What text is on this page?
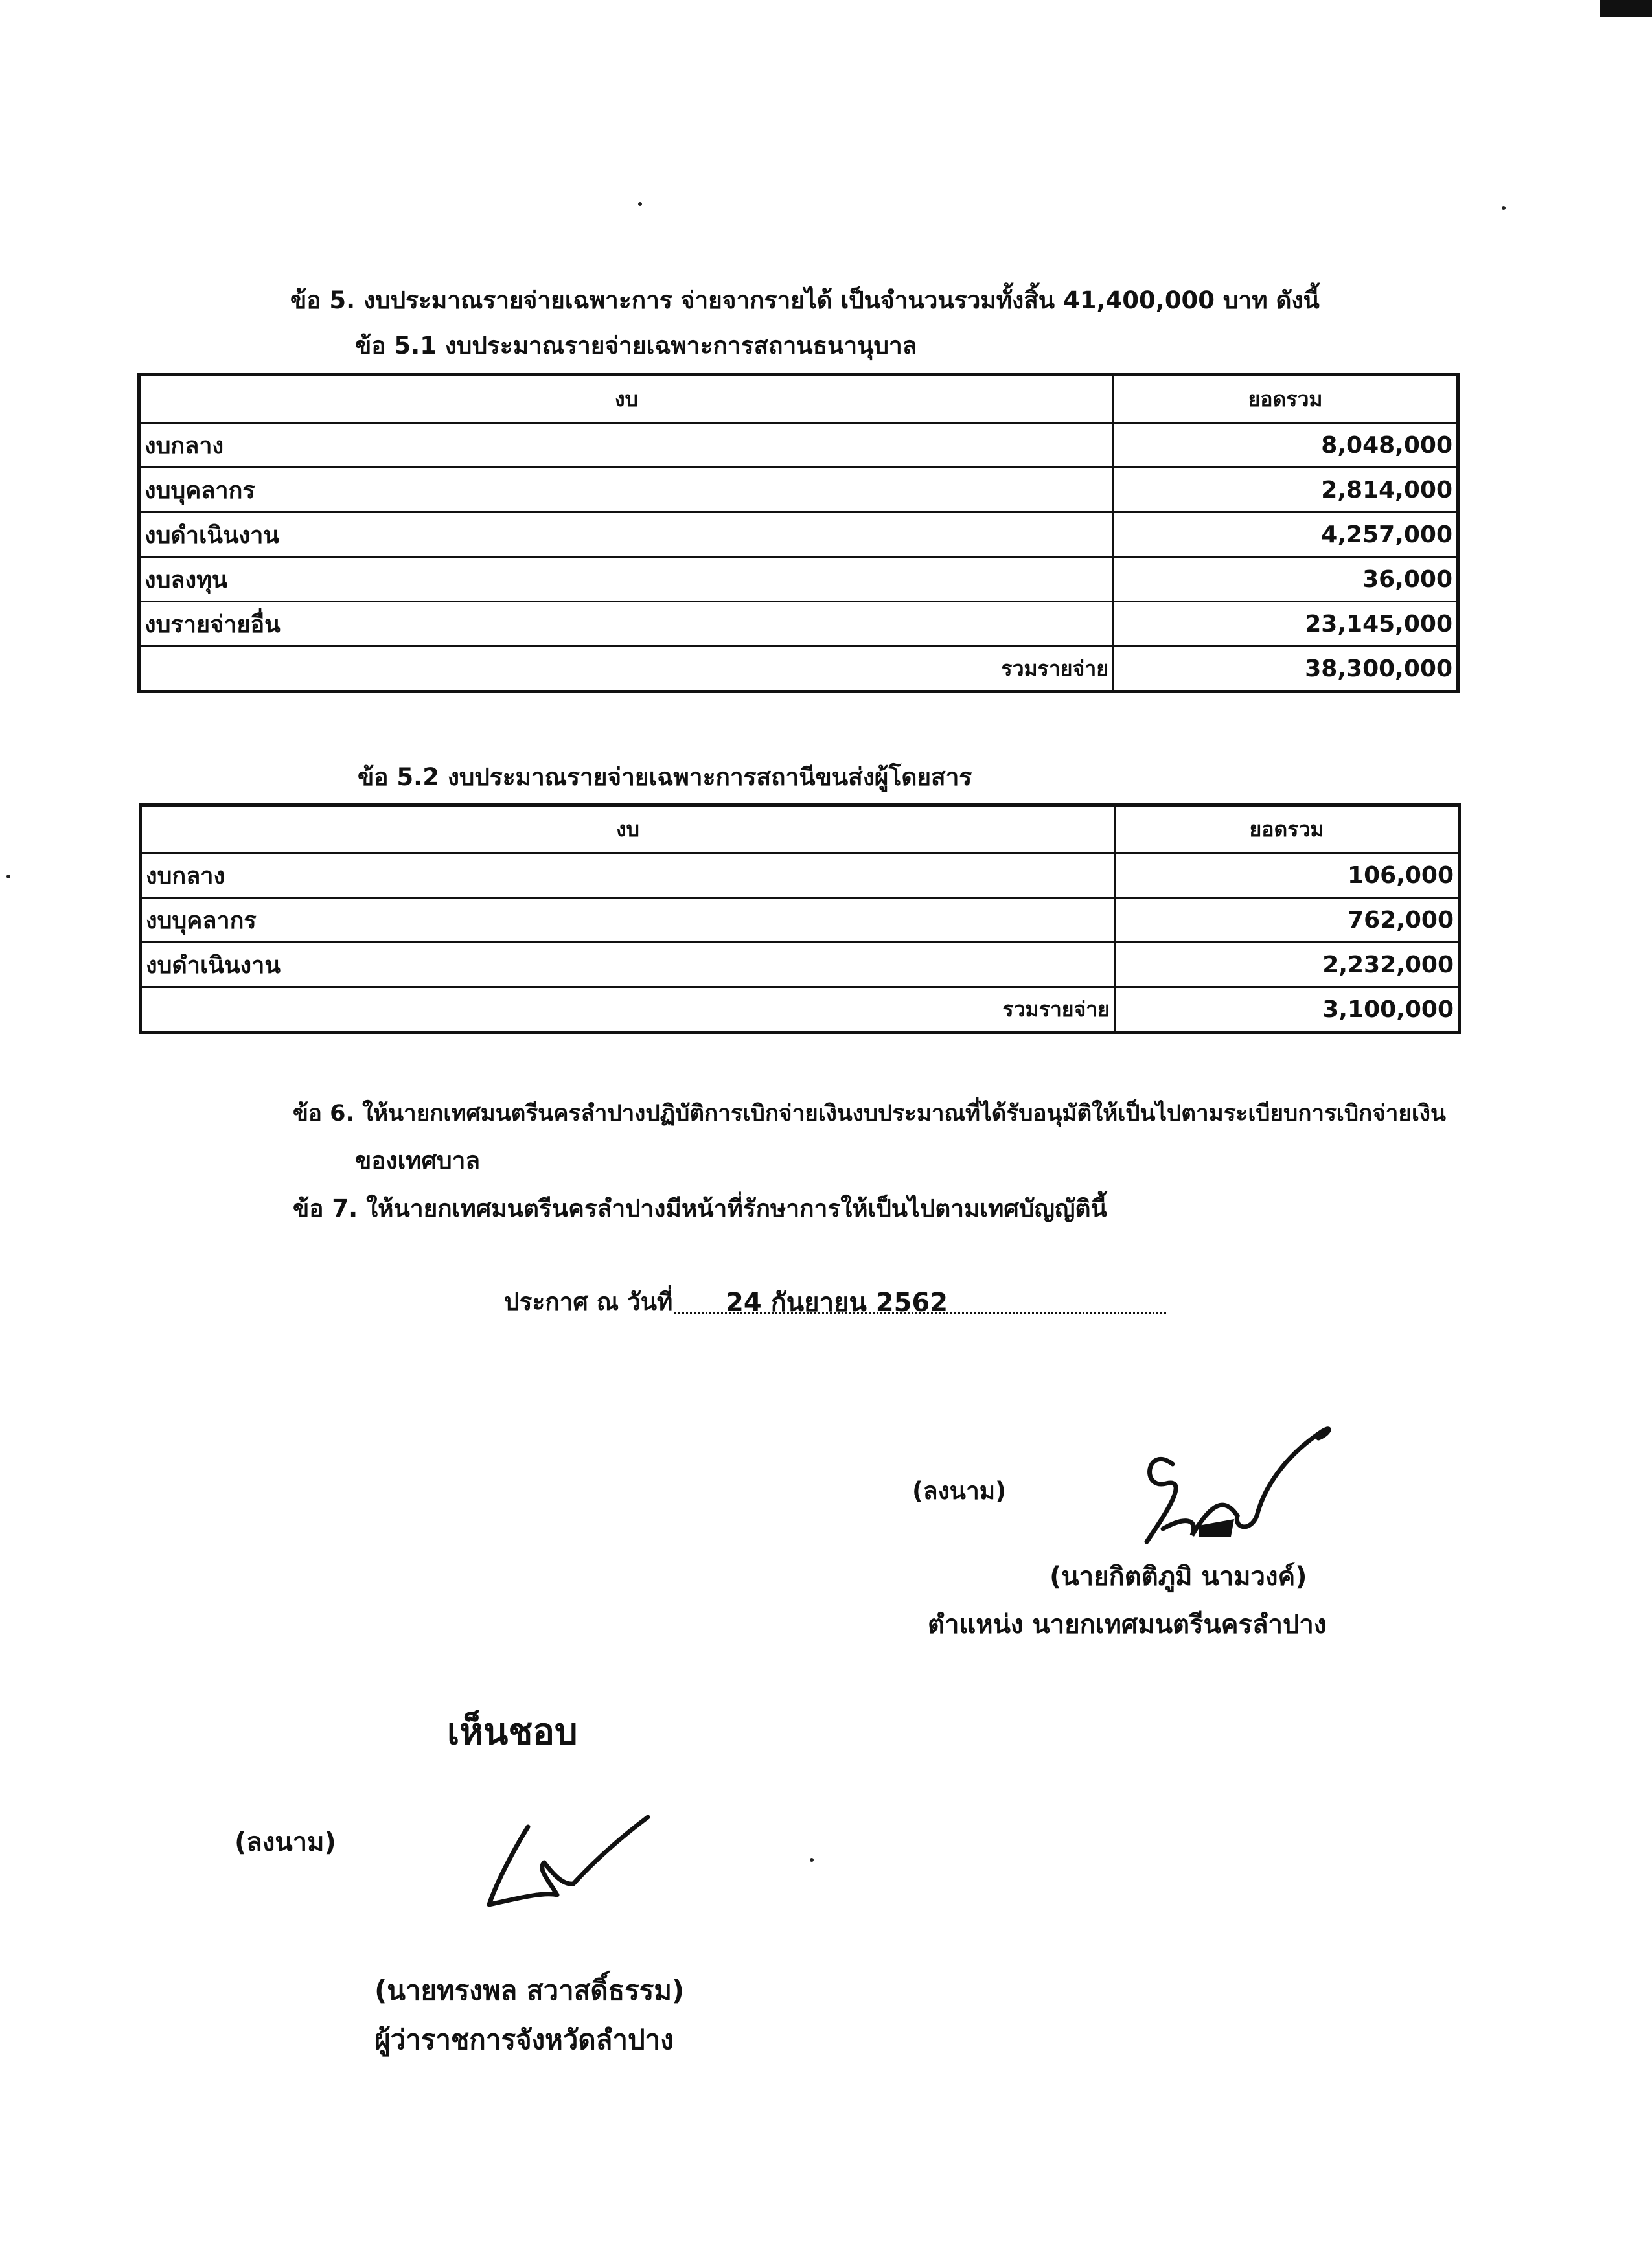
ข้อ 5. งบประมาณรายจ่ายเฉพาะการ จ่ายจากรายได้ เป็นจำนวนรวมทั้งสิ้น 41,400,000 บาท ดังนี้
ข้อ 5.1 งบประมาณรายจ่ายเฉพาะการสถานธนานุบาล
งบ	ยอดรวม
งบกลาง	8,048,000
งบบุคลากร	2,814,000
งบดำเนินงาน	4,257,000
งบลงทุน	36,000
งบรายจ่ายอื่น	23,145,000
รวมรายจ่าย	38,300,000
ข้อ 5.2 งบประมาณรายจ่ายเฉพาะการสถานีขนส่งผู้โดยสาร
งบ	ยอดรวม
งบกลาง	106,000
งบบุคลากร	762,000
งบดำเนินงาน	2,232,000
รวมรายจ่าย	3,100,000
ข้อ 6. ให้นายกเทศมนตรีนครลำปางปฏิบัติการเบิกจ่ายเงินงบประมาณที่ได้รับอนุมัติให้เป็นไปตามระเบียบการเบิกจ่ายเงิน
ของเทศบาล
ข้อ 7. ให้นายกเทศมนตรีนครลำปางมีหน้าที่รักษาการให้เป็นไปตามเทศบัญญัตินี้
ประกาศ ณ วันที่	24 กันยายน 2562
(ลงนาม)
(นายกิตติภูมิ นามวงค์)
ตำแหน่ง นายกเทศมนตรีนครลำปาง
เห็นชอบ
(ลงนาม)
(นายทรงพล สวาสดิ์ธรรม)
ผู้ว่าราชการจังหวัดลำปาง
